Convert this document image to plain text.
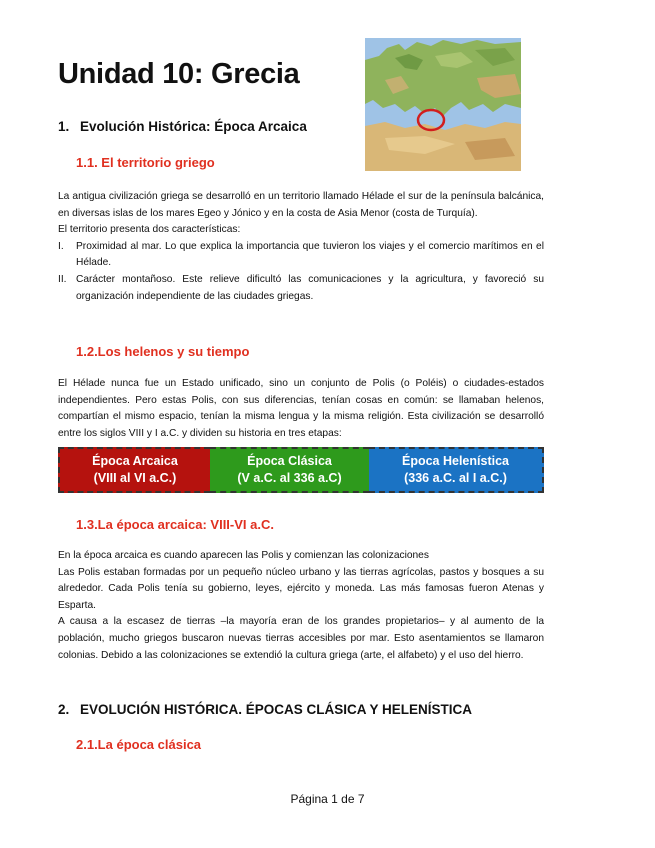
Unidad 10: Grecia
1. Evolución Histórica: Época Arcaica
1.1. El territorio griego

La antigua civilización griega se desarrolló en un territorio llamado Hélade el sur de la península balcánica, en diversas islas de los mares Egeo y Jónico y en la costa de Asia Menor (costa de Turquía).

El territorio presenta dos características:

I. Proximidad al mar. Lo que explica la importancia que tuvieron los viajes y el comercio marítimos en el Hélade.
II. Carácter montañoso. Este relieve dificultó las comunicaciones y la agricultura, y favoreció su organización independiente de las ciudades griegas.
1.2.Los helenos y su tiempo

El Hélade nunca fue un Estado unificado, sino un conjunto de Polis (o Poléis) o ciudades-estados independientes. Pero estas Polis, con sus diferencias, tenían cosas en común: se llamaban helenos, compartían el mismo espacio, tenían la misma lengua y la misma religión. Esta civilización se desarrolló entre los siglos VIII y I a.C. y dividen su historia en tres etapas:

Época Arcaica
(VIII al VI a.C.)
Época Clásica
(V a.C. al 336 a.C)
Época Helenística
(336 a.C. al I a.C.)
1.3.La época arcaica: VIII-VI a.C.

En la época arcaica es cuando aparecen las Polis y comienzan las colonizaciones

Las Polis estaban formadas por un pequeño núcleo urbano y las tierras agrícolas, pastos y bosques a su alrededor. Cada Polis tenía su gobierno, leyes, ejército y moneda. Las más famosas fueron Atenas y Esparta.

A causa a la escasez de tierras –la mayoría eran de los grandes propietarios– y al aumento de la población, mucho griegos buscaron nuevas tierras accesibles por mar. Esto asentamientos se llamaron colonias. Debido a las colonizaciones se extendió la cultura griega (arte, el alfabeto) y el uso del hierro.

2. EVOLUCIÓN HISTÓRICA. ÉPOCAS CLÁSICA Y HELENÍSTICA
2.1.La época clásica
Página 1 de 7
